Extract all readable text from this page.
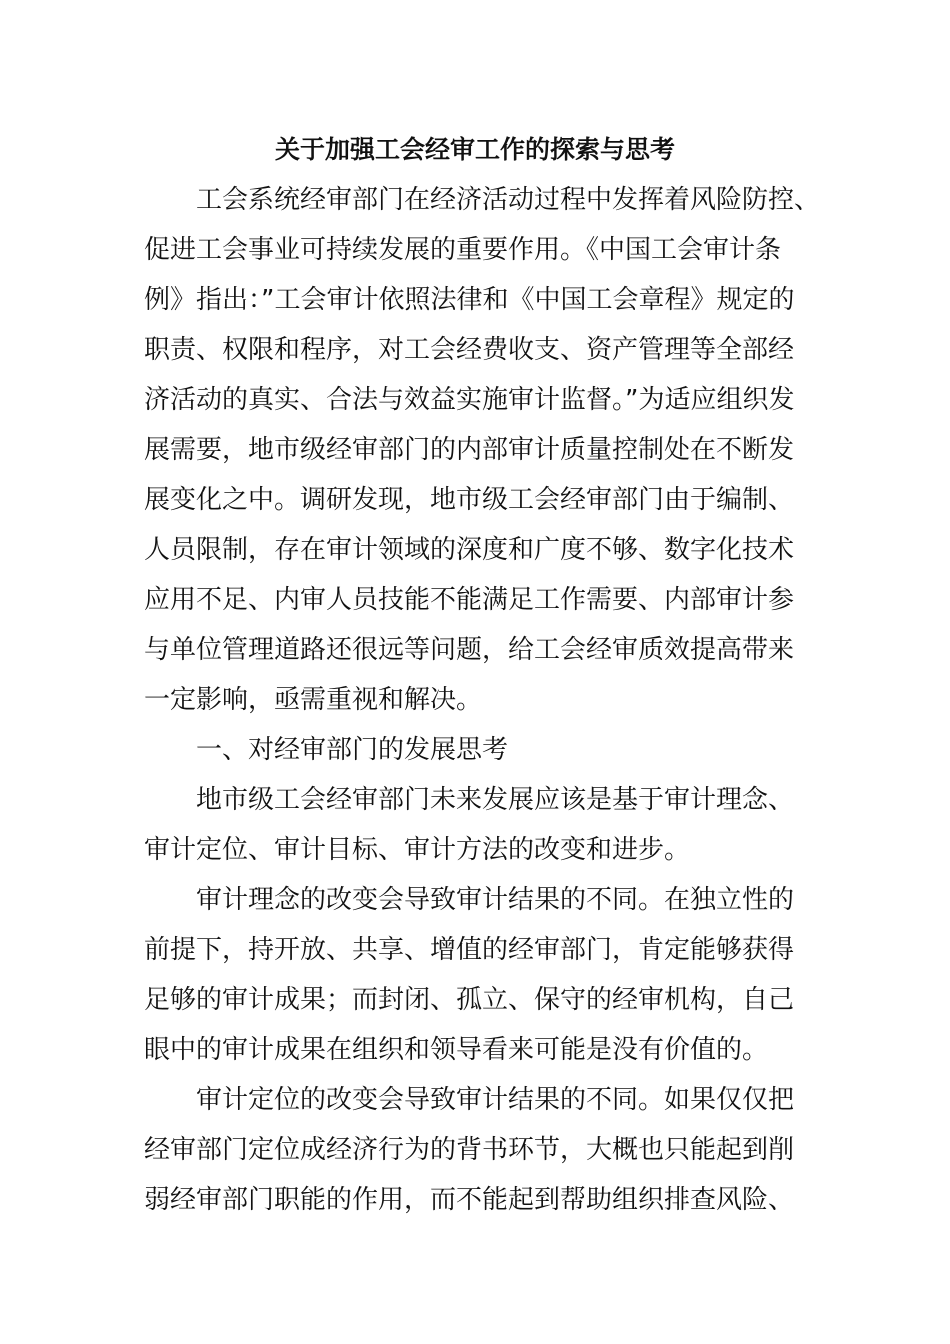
关于加强工会经审工作的探索与思考
工会系统经审部门在经济活动过程中发挥着风险防控、
促进工会事业可持续发展的重要作用。《中国工会审计条
例》指出：”工会审计依照法律和《中国工会章程》规定的
职责、权限和程序，对工会经费收支、资产管理等全部经
济活动的真实、合法与效益实施审计监督。”为适应组织发
展需要，地市级经审部门的内部审计质量控制处在不断发
展变化之中。调研发现，地市级工会经审部门由于编制、
人员限制，存在审计领域的深度和广度不够、数字化技术
应用不足、内审人员技能不能满足工作需要、内部审计参
与单位管理道路还很远等问题，给工会经审质效提高带来
一定影响，亟需重视和解决。
一、对经审部门的发展思考
地市级工会经审部门未来发展应该是基于审计理念、
审计定位、审计目标、审计方法的改变和进步。
审计理念的改变会导致审计结果的不同。在独立性的
前提下，持开放、共享、增值的经审部门，肯定能够获得
足够的审计成果；而封闭、孤立、保守的经审机构，自己
眼中的审计成果在组织和领导看来可能是没有价值的。
审计定位的改变会导致审计结果的不同。如果仅仅把
经审部门定位成经济行为的背书环节，大概也只能起到削
弱经审部门职能的作用，而不能起到帮助组织排查风险、
